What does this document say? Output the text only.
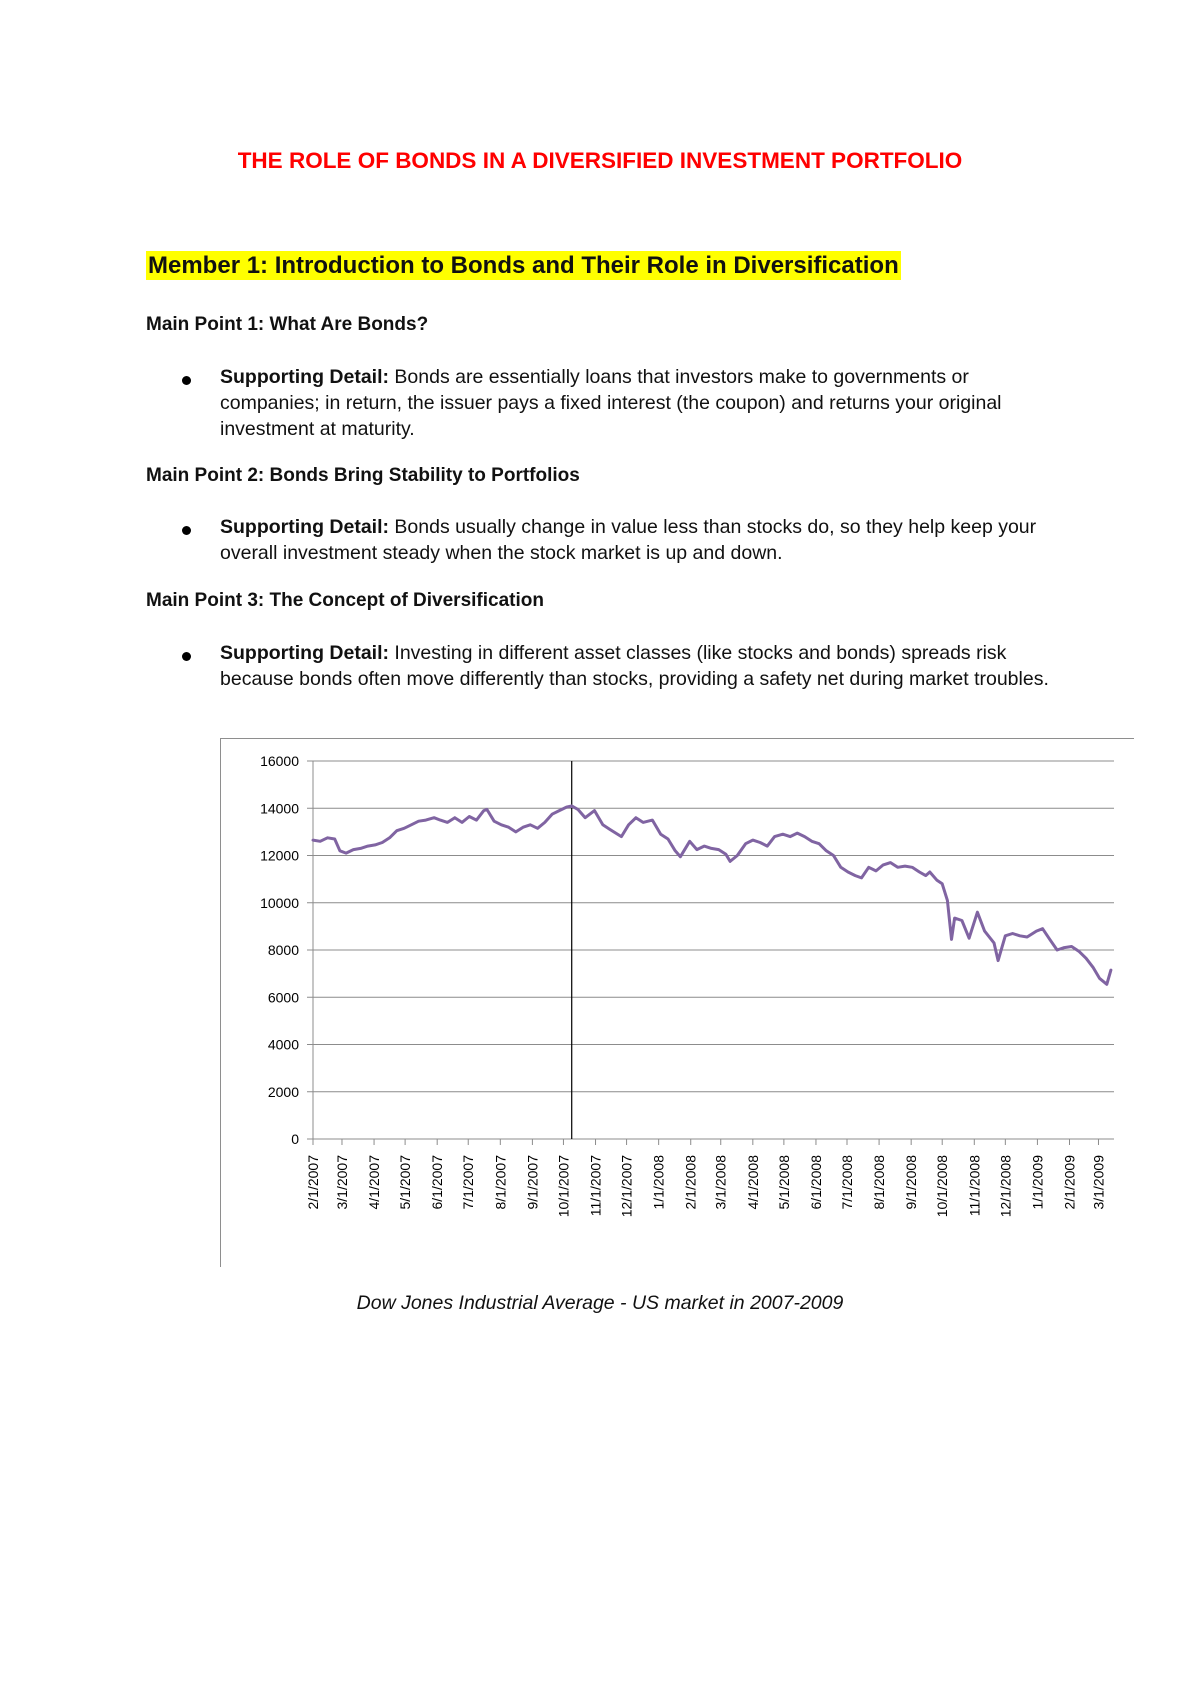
THE ROLE OF BONDS IN A DIVERSIFIED INVESTMENT PORTFOLIO
Member 1: Introduction to Bonds and Their Role in Diversification

Main Point 1: What Are Bonds?

Supporting Detail: Bonds are essentially loans that investors make to governments or companies; in return, the issuer pays a fixed interest (the coupon) and returns your original investment at maturity.

Main Point 2: Bonds Bring Stability to Portfolios

Supporting Detail: Bonds usually change in value less than stocks do, so they help keep your overall investment steady when the stock market is up and down.

Main Point 3: The Concept of Diversification

Supporting Detail: Investing in different asset classes (like stocks and bonds) spreads risk because bonds often move differently than stocks, providing a safety net during market troubles.

0
2000
4000
6000
8000
10000
12000
14000
16000
2/1/2007 3/1/2007 4/1/2007 5/1/2007 6/1/2007 7/1/2007 8/1/2007 9/1/2007 10/1/2007 11/1/2007 12/1/2007 1/1/2008 2/1/2008 3/1/2008 4/1/2008 5/1/2008 6/1/2008 7/1/2008 8/1/2008 9/1/2008 10/1/2008 11/1/2008 12/1/2008 1/1/2009 2/1/2009 3/1/2009

Dow Jones Industrial Average - US market in 2007-2009
